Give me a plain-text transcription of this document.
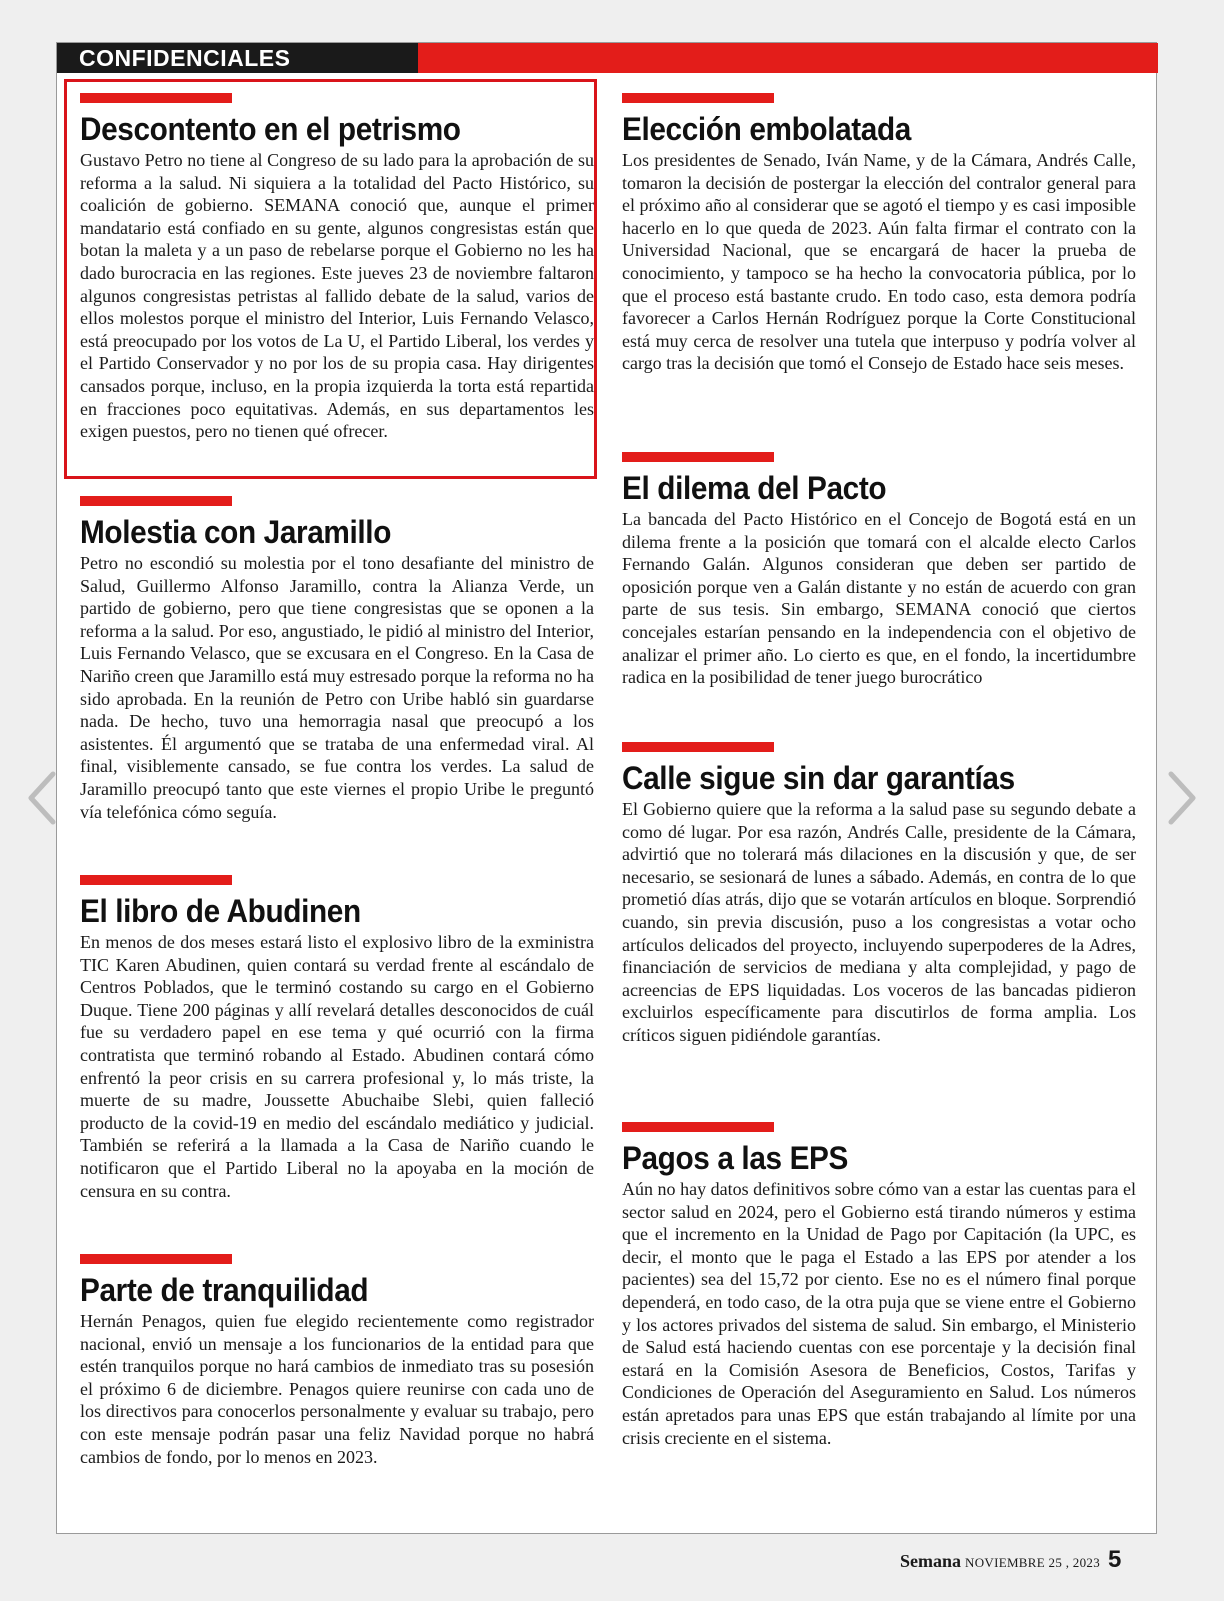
CONFIDENCIALES
Descontento en el petrismo
Gustavo Petro no tiene al Congreso de su lado para la aprobación de su reforma a la salud. Ni siquiera a la totalidad del Pacto Histórico, su coalición de gobierno. SEMANA conoció que, aunque el primer mandatario está confiado en su gente, algunos congresistas están que botan la maleta y a un paso de rebelarse porque el Gobierno no les ha dado burocracia en las regiones. Este jueves 23 de noviembre faltaron algunos congresistas petristas al fallido debate de la salud, varios de ellos molestos porque el ministro del Interior, Luis Fernando Velasco, está preocupado por los votos de La U, el Partido Liberal, los verdes y el Partido Conservador y no por los de su propia casa. Hay dirigentes cansados porque, incluso, en la propia izquierda la torta está repartida en fracciones poco equitativas. Además, en sus departamentos les exigen puestos, pero no tienen qué ofrecer.
Molestia con Jaramillo
Petro no escondió su molestia por el tono desafiante del ministro de Salud, Guillermo Alfonso Jaramillo, contra la Alianza Verde, un partido de gobierno, pero que tiene congresistas que se oponen a la reforma a la salud. Por eso, angustiado, le pidió al ministro del Interior, Luis Fernando Velasco, que se excusara en el Congreso. En la Casa de Nariño creen que Jaramillo está muy estresado porque la reforma no ha sido aprobada. En la reunión de Petro con Uribe habló sin guardarse nada. De hecho, tuvo una hemorragia nasal que preocupó a los asistentes. Él argumentó que se trataba de una enfermedad viral. Al final, visiblemente cansado, se fue contra los verdes. La salud de Jaramillo preocupó tanto que este viernes el propio Uribe le preguntó vía telefónica cómo seguía.
El libro de Abudinen
En menos de dos meses estará listo el explosivo libro de la exministra TIC Karen Abudinen, quien contará su verdad frente al escándalo de Centros Poblados, que le terminó costando su cargo en el Gobierno Duque. Tiene 200 páginas y allí revelará detalles desconocidos de cuál fue su verdadero papel en ese tema y qué ocurrió con la firma contratista que terminó robando al Estado. Abudinen contará cómo enfrentó la peor crisis en su carrera profesional y, lo más triste, la muerte de su madre, Joussette Abuchaibe Slebi, quien falleció producto de la covid-19 en medio del escándalo mediático y judicial. También se referirá a la llamada a la Casa de Nariño cuando le notificaron que el Partido Liberal no la apoyaba en la moción de censura en su contra.
Parte de tranquilidad
Hernán Penagos, quien fue elegido recientemente como registrador nacional, envió un mensaje a los funcionarios de la entidad para que estén tranquilos porque no hará cambios de inmediato tras su posesión el próximo 6 de diciembre. Penagos quiere reunirse con cada uno de los directivos para conocerlos personalmente y evaluar su trabajo, pero con este mensaje podrán pasar una feliz Navidad porque no habrá cambios de fondo, por lo menos en 2023.
Elección embolatada
Los presidentes de Senado, Iván Name, y de la Cámara, Andrés Calle, tomaron la decisión de postergar la elección del contralor general para el próximo año al considerar que se agotó el tiempo y es casi imposible hacerlo en lo que queda de 2023. Aún falta firmar el contrato con la Universidad Nacional, que se encargará de hacer la prueba de conocimiento, y tampoco se ha hecho la convocatoria pública, por lo que el proceso está bastante crudo. En todo caso, esta demora podría favorecer a Carlos Hernán Rodríguez porque la Corte Constitucional está muy cerca de resolver una tutela que interpuso y podría volver al cargo tras la decisión que tomó el Consejo de Estado hace seis meses.
El dilema del Pacto
La bancada del Pacto Histórico en el Concejo de Bogotá está en un dilema frente a la posición que tomará con el alcalde electo Carlos Fernando Galán. Algunos consideran que deben ser partido de oposición porque ven a Galán distante y no están de acuerdo con gran parte de sus tesis. Sin embargo, SEMANA conoció que ciertos concejales estarían pensando en la independencia con el objetivo de analizar el primer año. Lo cierto es que, en el fondo, la incertidumbre radica en la posibilidad de tener juego burocrático
Calle sigue sin dar garantías
El Gobierno quiere que la reforma a la salud pase su segundo debate a como dé lugar. Por esa razón, Andrés Calle, presidente de la Cámara, advirtió que no tolerará más dilaciones en la discusión y que, de ser necesario, se sesionará de lunes a sábado. Además, en contra de lo que prometió días atrás, dijo que se votarán artículos en bloque. Sorprendió cuando, sin previa discusión, puso a los congresistas a votar ocho artículos delicados del proyecto, incluyendo superpoderes de la Adres, financiación de servicios de mediana y alta complejidad, y pago de acreencias de EPS liquidadas. Los voceros de las bancadas pidieron excluirlos específicamente para discutirlos de forma amplia. Los críticos siguen pidiéndole garantías.
Pagos a las EPS
Aún no hay datos definitivos sobre cómo van a estar las cuentas para el sector salud en 2024, pero el Gobierno está tirando números y estima que el incremento en la Unidad de Pago por Capitación (la UPC, es decir, el monto que le paga el Estado a las EPS por atender a los pacientes) sea del 15,72 por ciento. Ese no es el número final porque dependerá, en todo caso, de la otra puja que se viene entre el Gobierno y los actores privados del sistema de salud. Sin embargo, el Ministerio de Salud está haciendo cuentas con ese porcentaje y la decisión final estará en la Comisión Asesora de Beneficios, Costos, Tarifas y Condiciones de Operación del Aseguramiento en Salud. Los números están apretados para unas EPS que están trabajando al límite por una crisis creciente en el sistema.
Semana NOVIEMBRE 25 , 2023 5
